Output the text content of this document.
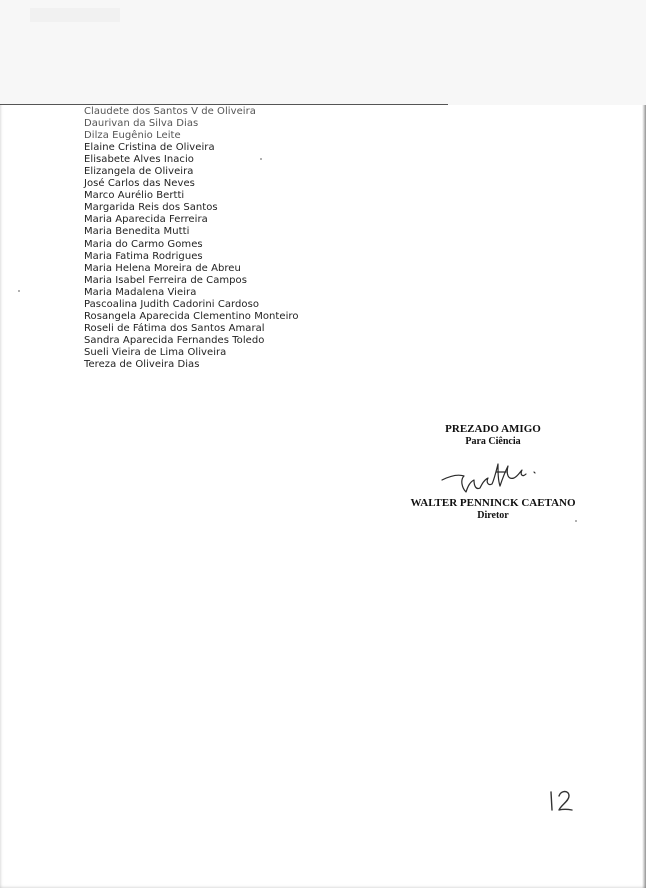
Claudete dos Santos V de Oliveira
Daurivan da Silva Dias
Dilza Eugênio Leite
Elaine Cristina de Oliveira
Elisabete Alves Inacio
Elizangela de Oliveira
José Carlos das Neves
Marco Aurélio Bertti
Margarida Reis dos Santos
Maria Aparecida Ferreira
Maria Benedita Mutti
Maria do Carmo Gomes
Maria Fatima Rodrigues
Maria Helena Moreira de Abreu
Maria Isabel Ferreira de Campos
Maria Madalena Vieira
Pascoalina Judith Cadorini Cardoso
Rosangela Aparecida Clementino Monteiro
Roseli de Fátima dos Santos Amaral
Sandra Aparecida Fernandes Toledo
Sueli Vieira de Lima Oliveira
Tereza de Oliveira Dias
PREZADO AMIGO
Para Ciência
WALTER PENNINCK CAETANO
Diretor
